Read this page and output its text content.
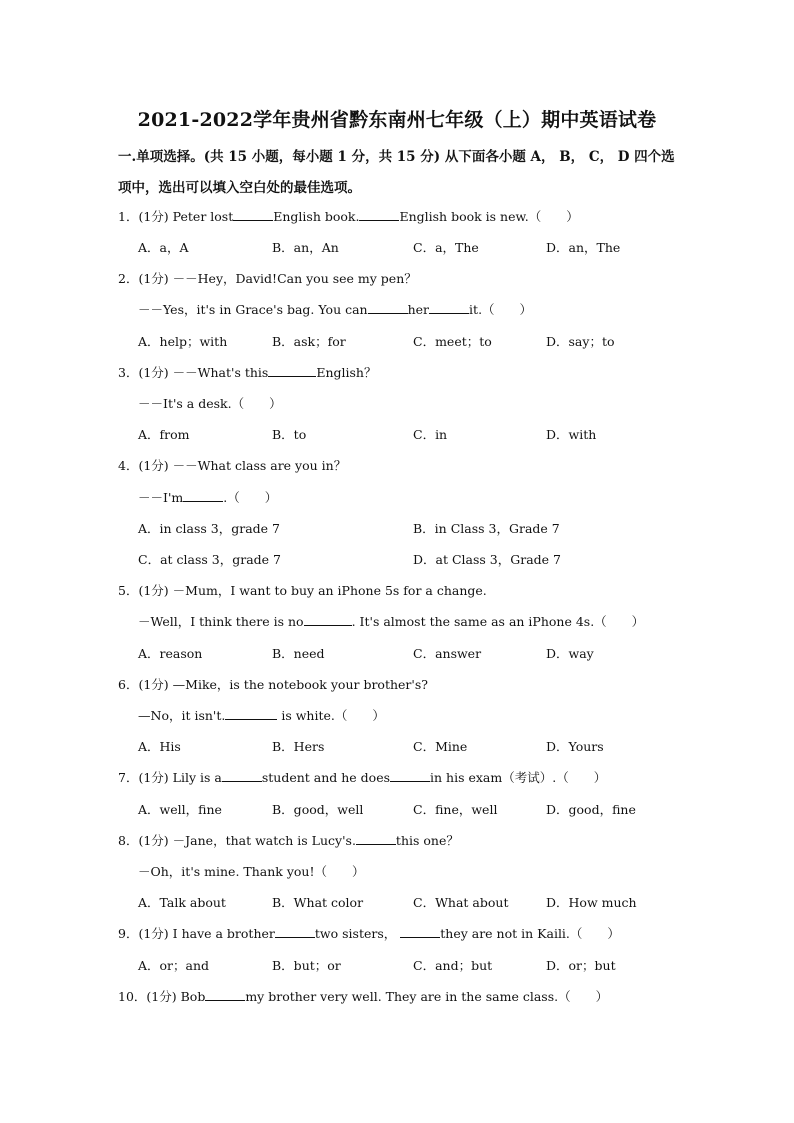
2021-2022学年贵州省黔东南州七年级（上）期中英语试卷
一.单项选择。(共 15 小题，每小题 1 分，共 15 分) 从下面各小题 A， B， C， D 四个选
项中，选出可以填入空白处的最佳选项。
1．(1分) Peter lost	English book.	English book is new.（　　）
A．a，A	B．an，An	C．a，The	D．an，The
2．(1分) －－Hey，David!Can you see my pen？
－－Yes，it's in Grace's bag. You can	her	it.（　　）
A．help；with	B．ask；for	C．meet；to	D．say；to
3．(1分) －－What's this	English？
－－It's a desk.（　　）
A．from	B．to	C．in	D．with
4．(1分) －－What class are you in？
－－I'm	.（　　）
A．in class 3，grade 7	B．in Class 3，Grade 7
C．at class 3，grade 7	D．at Class 3，Grade 7
5．(1分) －Mum，I want to buy an iPhone 5s for a change.
－Well，I think there is no	. It's almost the same as an iPhone 4s.（　　）
A．reason	B．need	C．answer	D．way
6．(1分) —Mike，is the notebook your brother's?
—No，it isn't.	is white.（　　）
A．His	B．Hers	C．Mine	D．Yours
7．(1分) Lily is a	student and he does	in his exam（考试）.（　　）
A．well，fine	B．good，well	C．fine，well	D．good，fine
8．(1分) －Jane，that watch is Lucy's.	this one？
－Oh，it's mine. Thank you!（　　）
A．Talk about	B．What color	C．What about	D．How much
9．(1分) I have a brother	two sisters，	they are not in Kaili.（　　）
A．or；and	B．but；or	C．and；but	D．or；but
10．(1分) Bob	my brother very well. They are in the same class.（　　）
